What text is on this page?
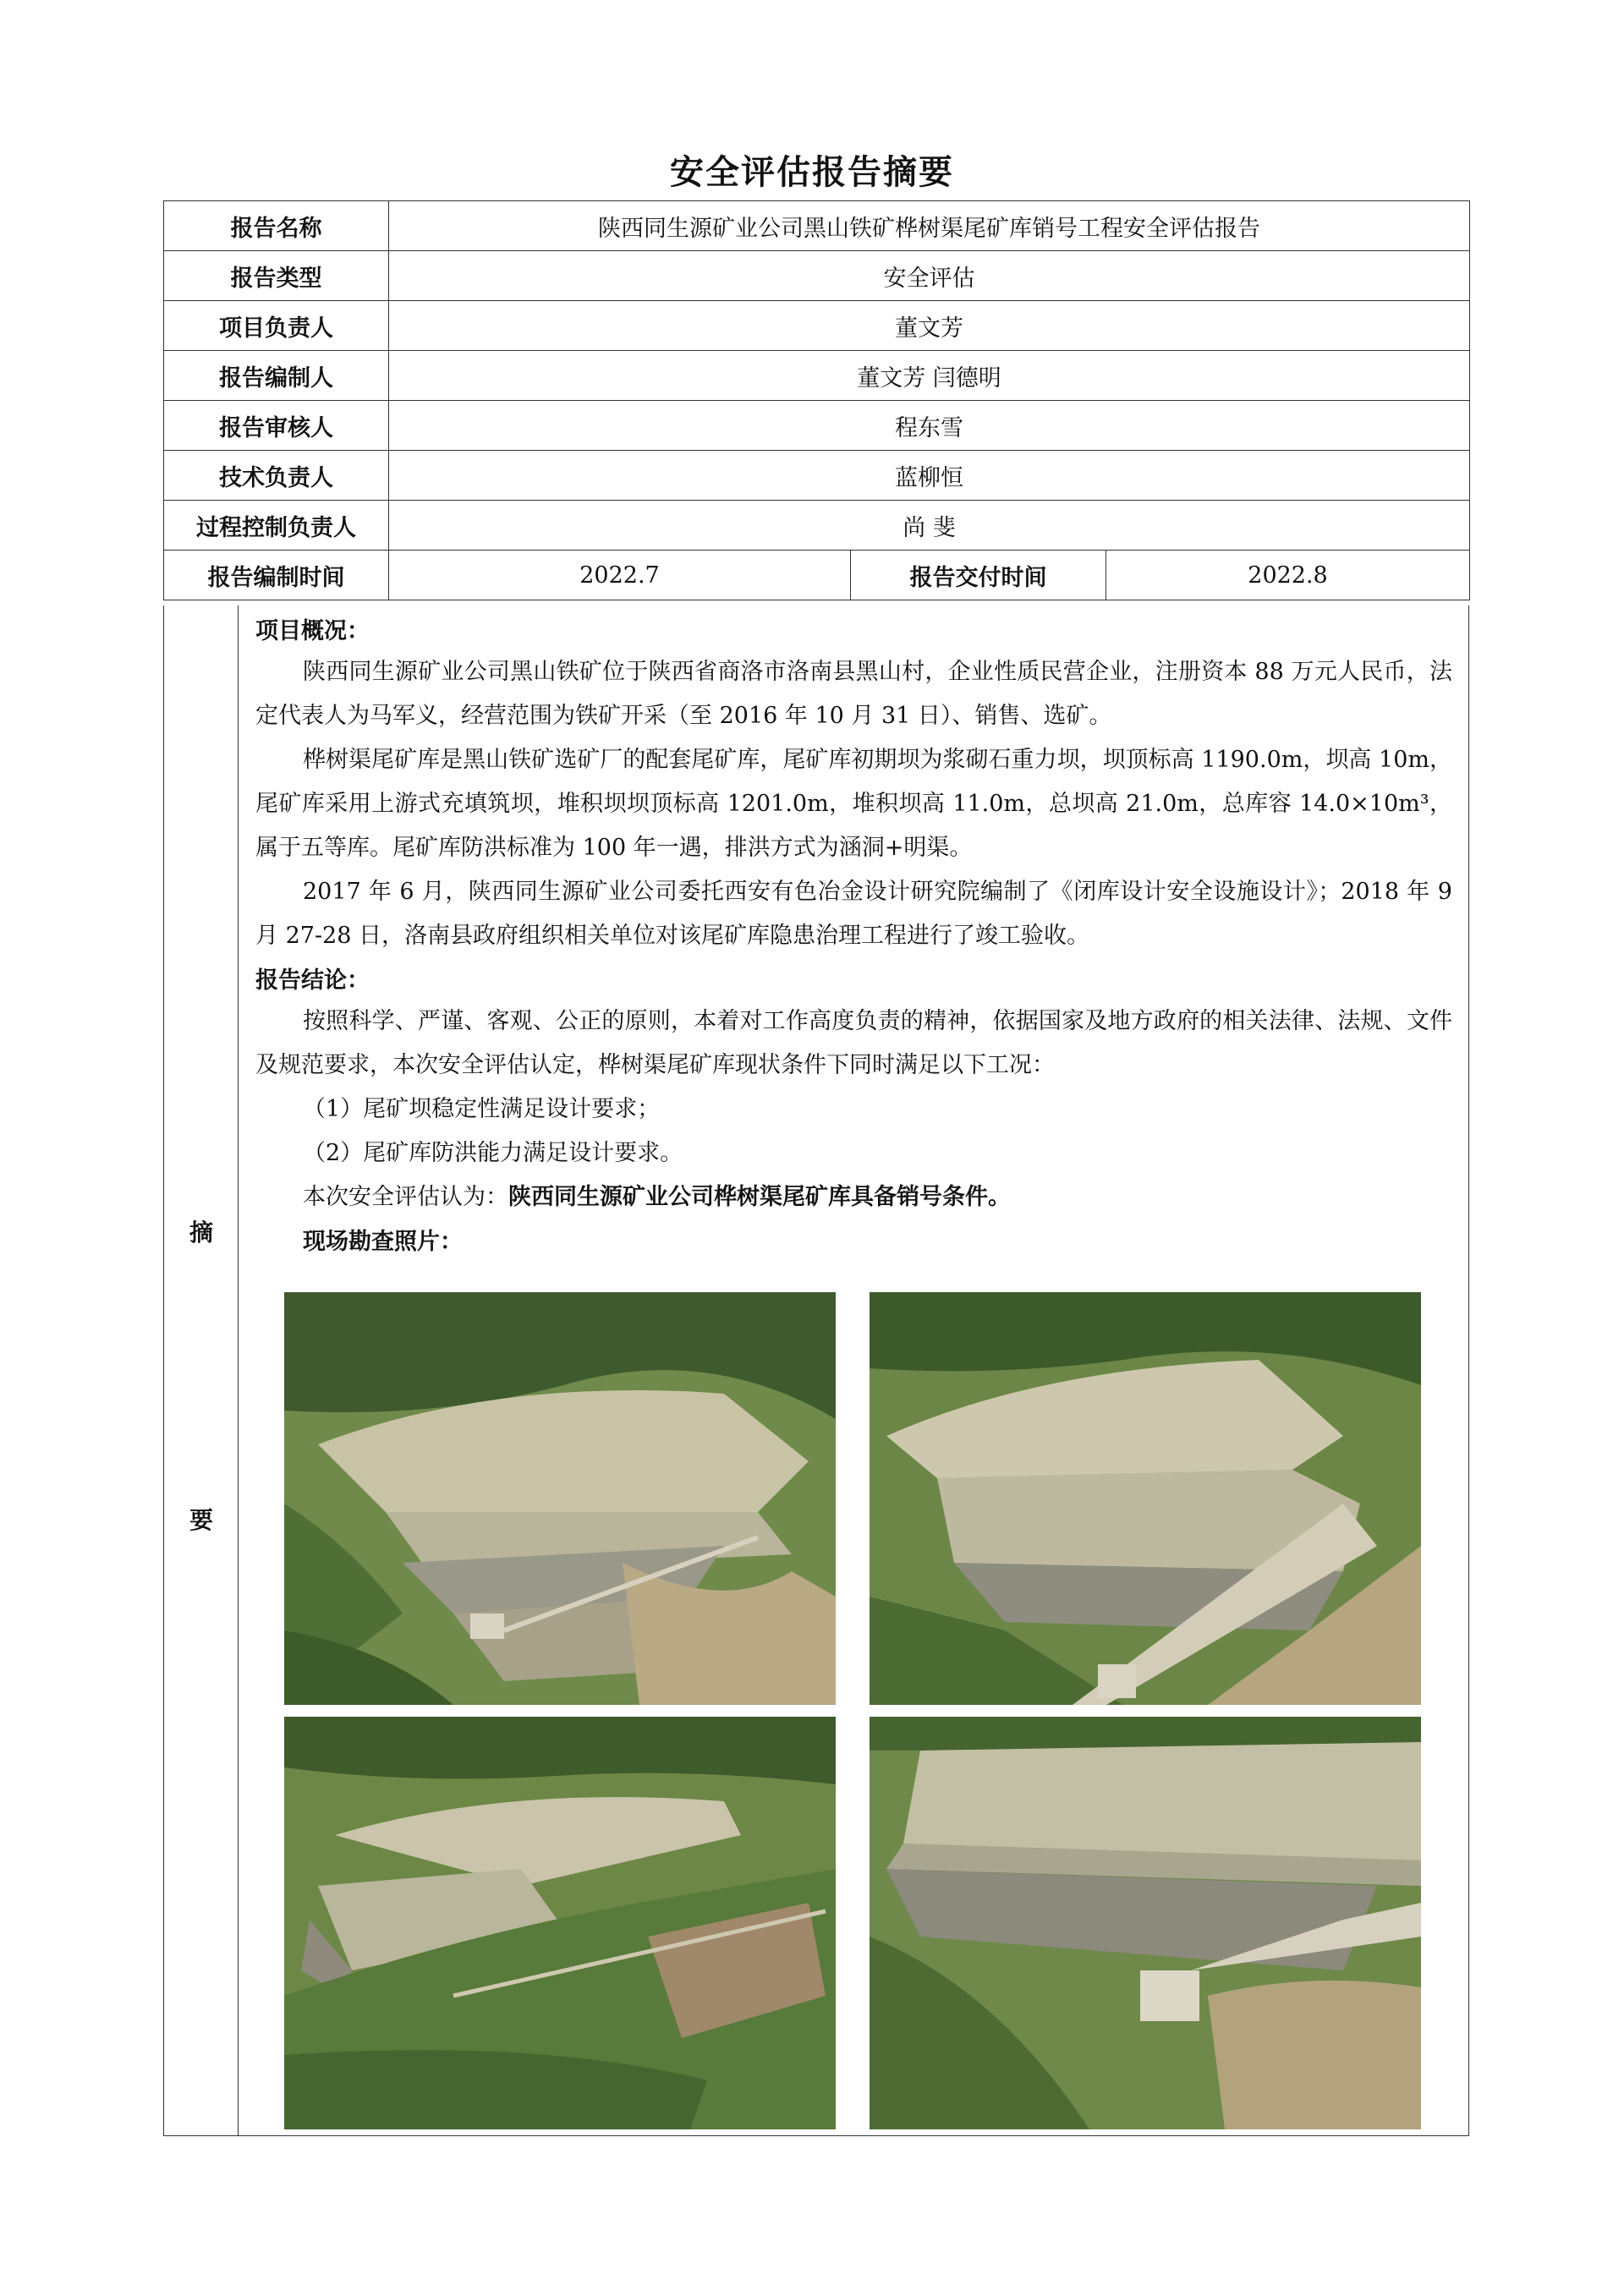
安全评估报告摘要
报告名称	陕西同生源矿业公司黑山铁矿桦树渠尾矿库销号工程安全评估报告		
报告类型	安全评估		
项目负责人	董文芳		
报告编制人	董文芳 闫德明		
报告审核人	程东雪		
技术负责人	蓝柳恒		
过程控制负责人	尚 斐		
报告编制时间	2022.7	报告交付时间	2022.8
摘
要
项目概况：

陕西同生源矿业公司黑山铁矿位于陕西省商洛市洛南县黑山村，企业性质民营企业，注册资本 88 万元人民币，法定代表人为马军义，经营范围为铁矿开采（至 2016 年 10 月 31 日）、销售、选矿。

桦树渠尾矿库是黑山铁矿选矿厂的配套尾矿库，尾矿库初期坝为浆砌石重力坝，坝顶标高 1190.0m，坝高 10m，尾矿库采用上游式充填筑坝，堆积坝坝顶标高 1201.0m，堆积坝高 11.0m，总坝高 21.0m，总库容 14.0×10m³，属于五等库。尾矿库防洪标准为 100 年一遇，排洪方式为涵洞+明渠。

2017 年 6 月，陕西同生源矿业公司委托西安有色冶金设计研究院编制了《闭库设计安全设施设计》；2018 年 9 月 27-28 日，洛南县政府组织相关单位对该尾矿库隐患治理工程进行了竣工验收。

报告结论：

按照科学、严谨、客观、公正的原则，本着对工作高度负责的精神，依据国家及地方政府的相关法律、法规、文件及规范要求，本次安全评估认定，桦树渠尾矿库现状条件下同时满足以下工况：

（1）尾矿坝稳定性满足设计要求；

（2）尾矿库防洪能力满足设计要求。

本次安全评估认为：陕西同生源矿业公司桦树渠尾矿库具备销号条件。

现场勘查照片：
